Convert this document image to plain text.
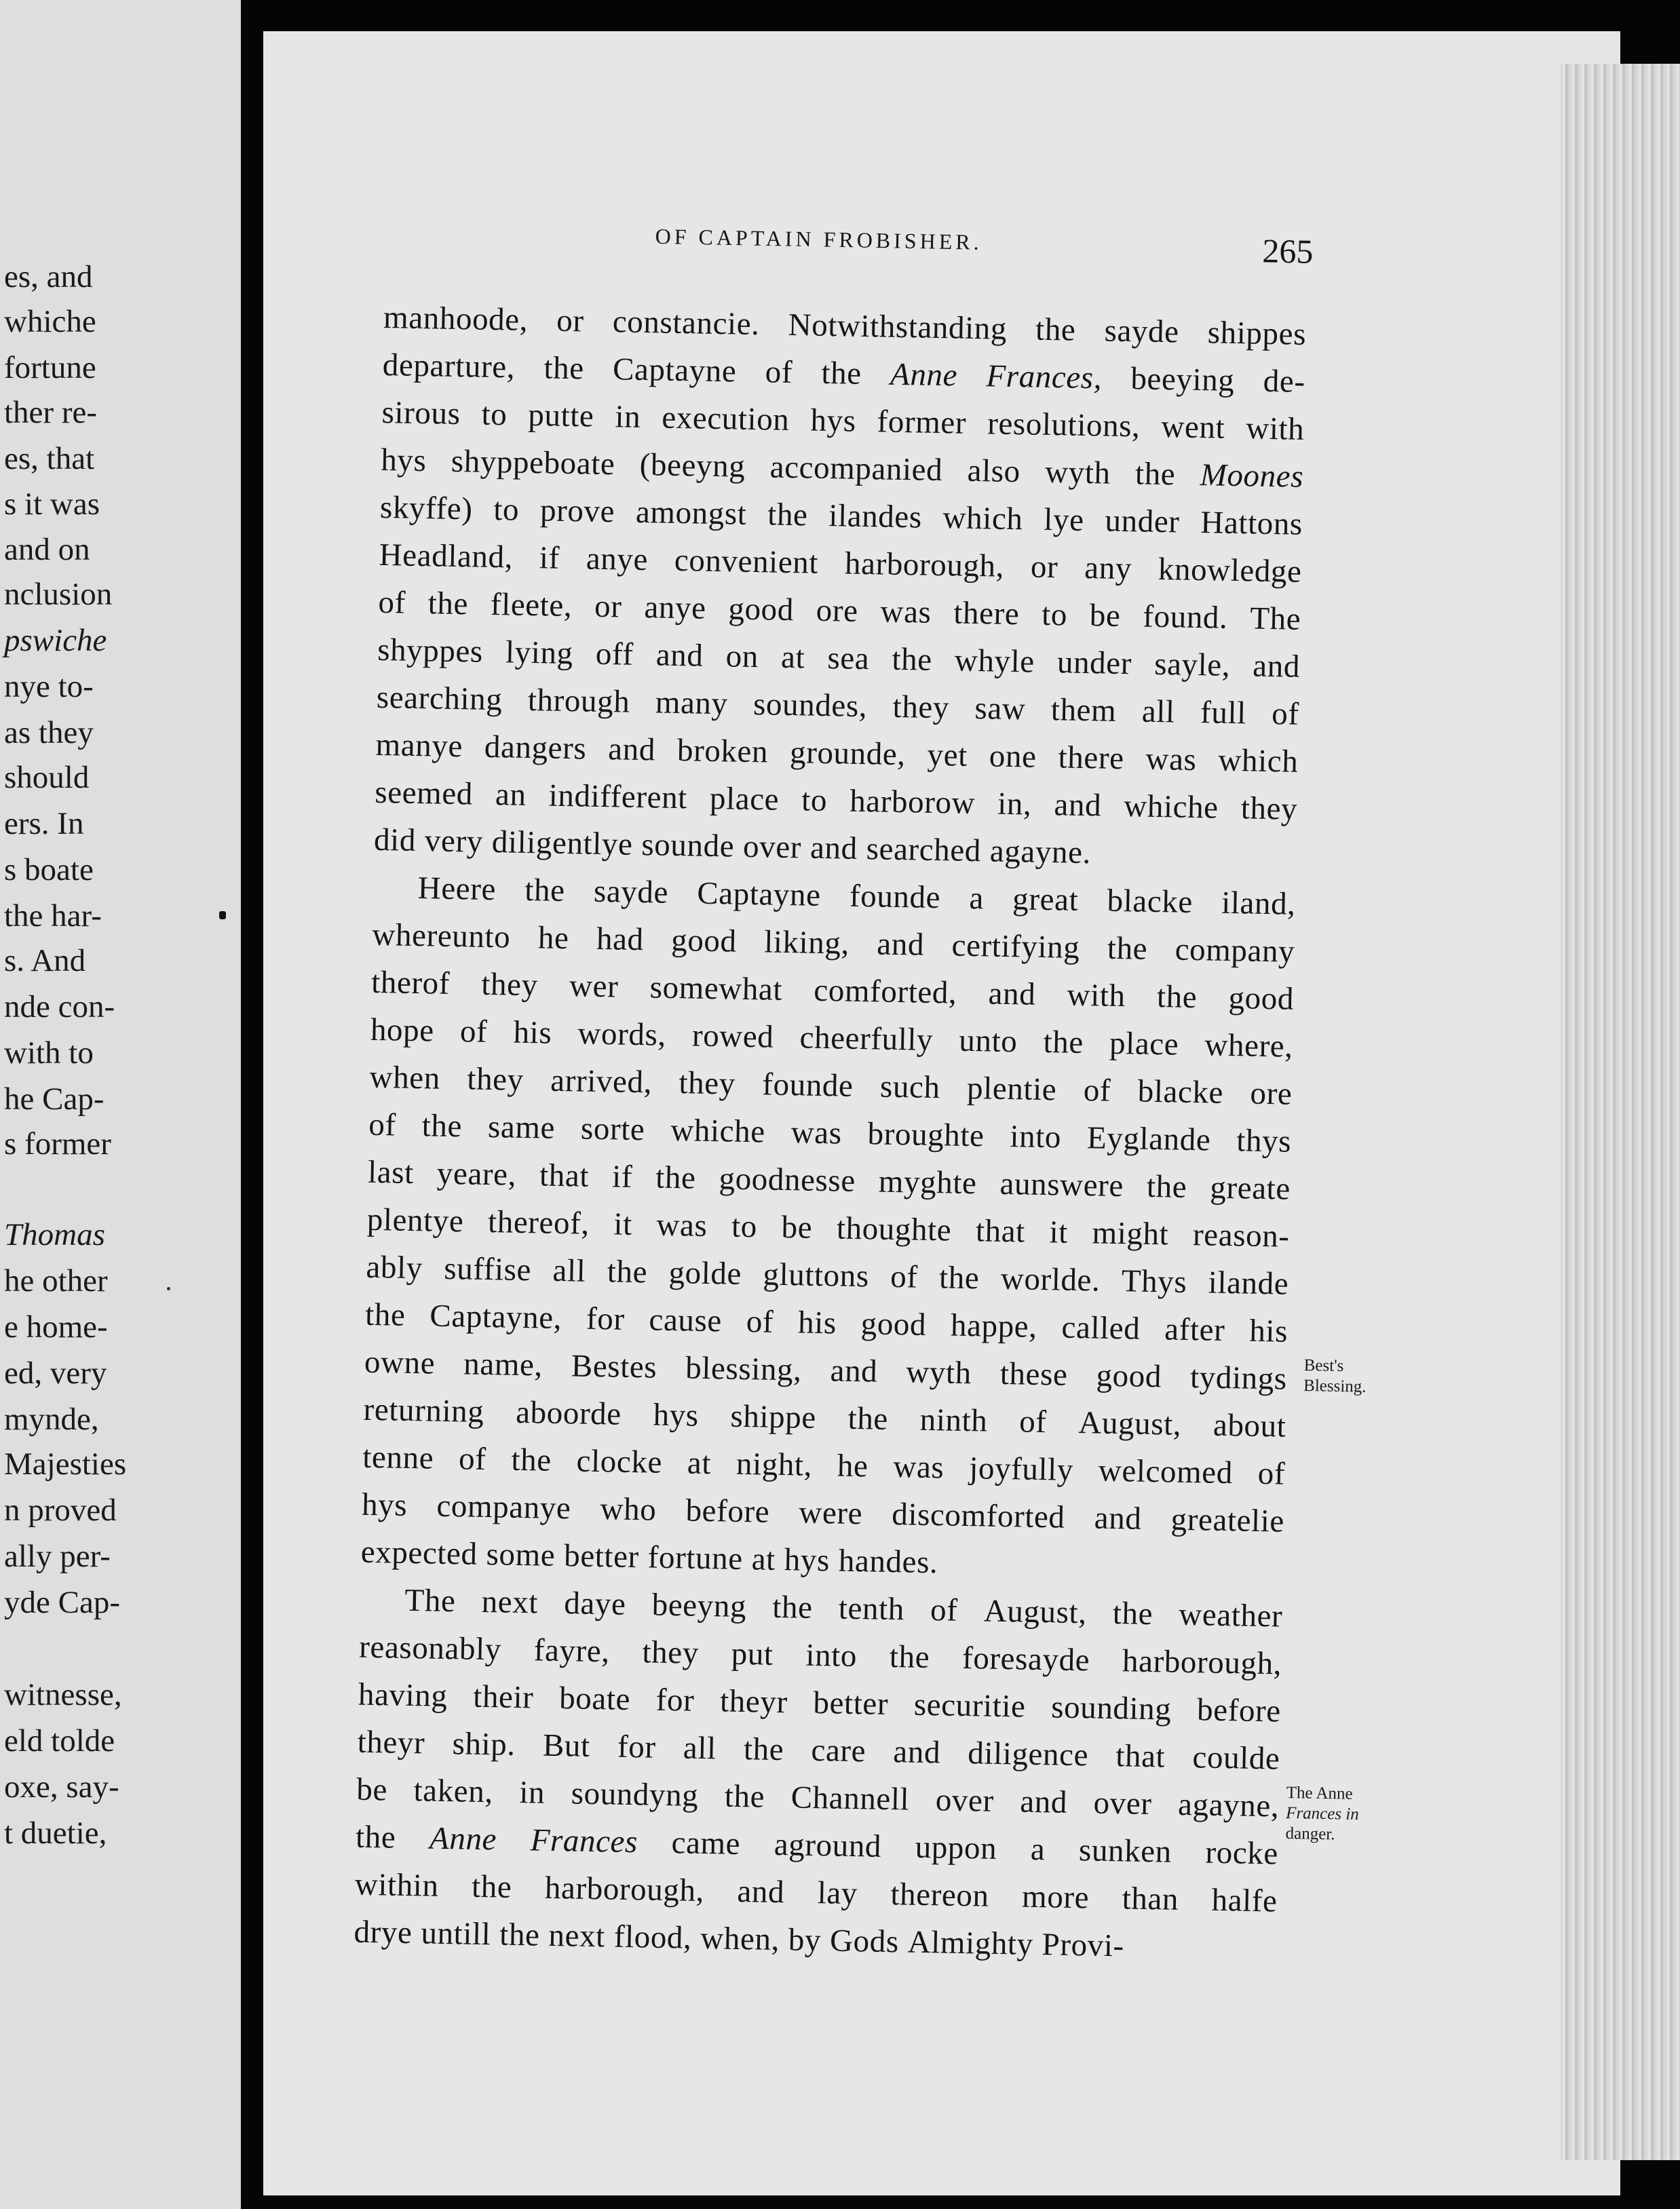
es, and
whiche
fortune
ther re-
es, that
s it was
and on
nclusion
pswiche
nye to-
as they
should
ers. In
s boate
the har-
s. And
nde con-
with to
he Cap-
s former
Thomas
he other
e home-
ed, very
mynde,
Majesties
n proved
ally per-
yde Cap-
witnesse,
eld tolde
oxe, say-
t duetie,
OF CAPTAIN FROBISHER.	265
manhoode, or constancie. Notwithstanding the sayde shippes
departure, the Captayne of the Anne Frances, beeying de-
sirous to putte in execution hys former resolutions, went with
hys shyppeboate (beeyng accompanied also wyth the Moones
skyffe) to prove amongst the ilandes which lye under Hattons
Headland, if anye convenient harborough, or any knowledge
of the fleete, or anye good ore was there to be found. The
shyppes lying off and on at sea the whyle under sayle, and
searching through many soundes, they saw them all full of
manye dangers and broken grounde, yet one there was which
seemed an indifferent place to harborow in, and whiche they
did very diligentlye sounde over and searched agayne.
Heere the sayde Captayne founde a great blacke iland,
whereunto he had good liking, and certifying the company
therof they wer somewhat comforted, and with the good
hope of his words, rowed cheerfully unto the place where,
when they arrived, they founde such plentie of blacke ore
of the same sorte whiche was broughte into Eyglande thys
last yeare, that if the goodnesse myghte aunswere the greate
plentye thereof, it was to be thoughte that it might reason-
ably suffise all the golde gluttons of the worlde. Thys ilande
the Captayne, for cause of his good happe, called after his
owne name, Bestes blessing, and wyth these good tydings
returning aboorde hys shippe the ninth of August, about
tenne of the clocke at night, he was joyfully welcomed of
hys companye who before were discomforted and greatelie
expected some better fortune at hys handes.
The next daye beeyng the tenth of August, the weather
reasonably fayre, they put into the foresayde harborough,
having their boate for theyr better securitie sounding before
theyr ship. But for all the care and diligence that coulde
be taken, in soundyng the Channell over and over agayne,
the Anne Frances came aground uppon a sunken rocke
within the harborough, and lay thereon more than halfe
drye untill the next flood, when, by Gods Almighty Provi-
Best's
Blessing.
The Anne
Frances in
danger.
